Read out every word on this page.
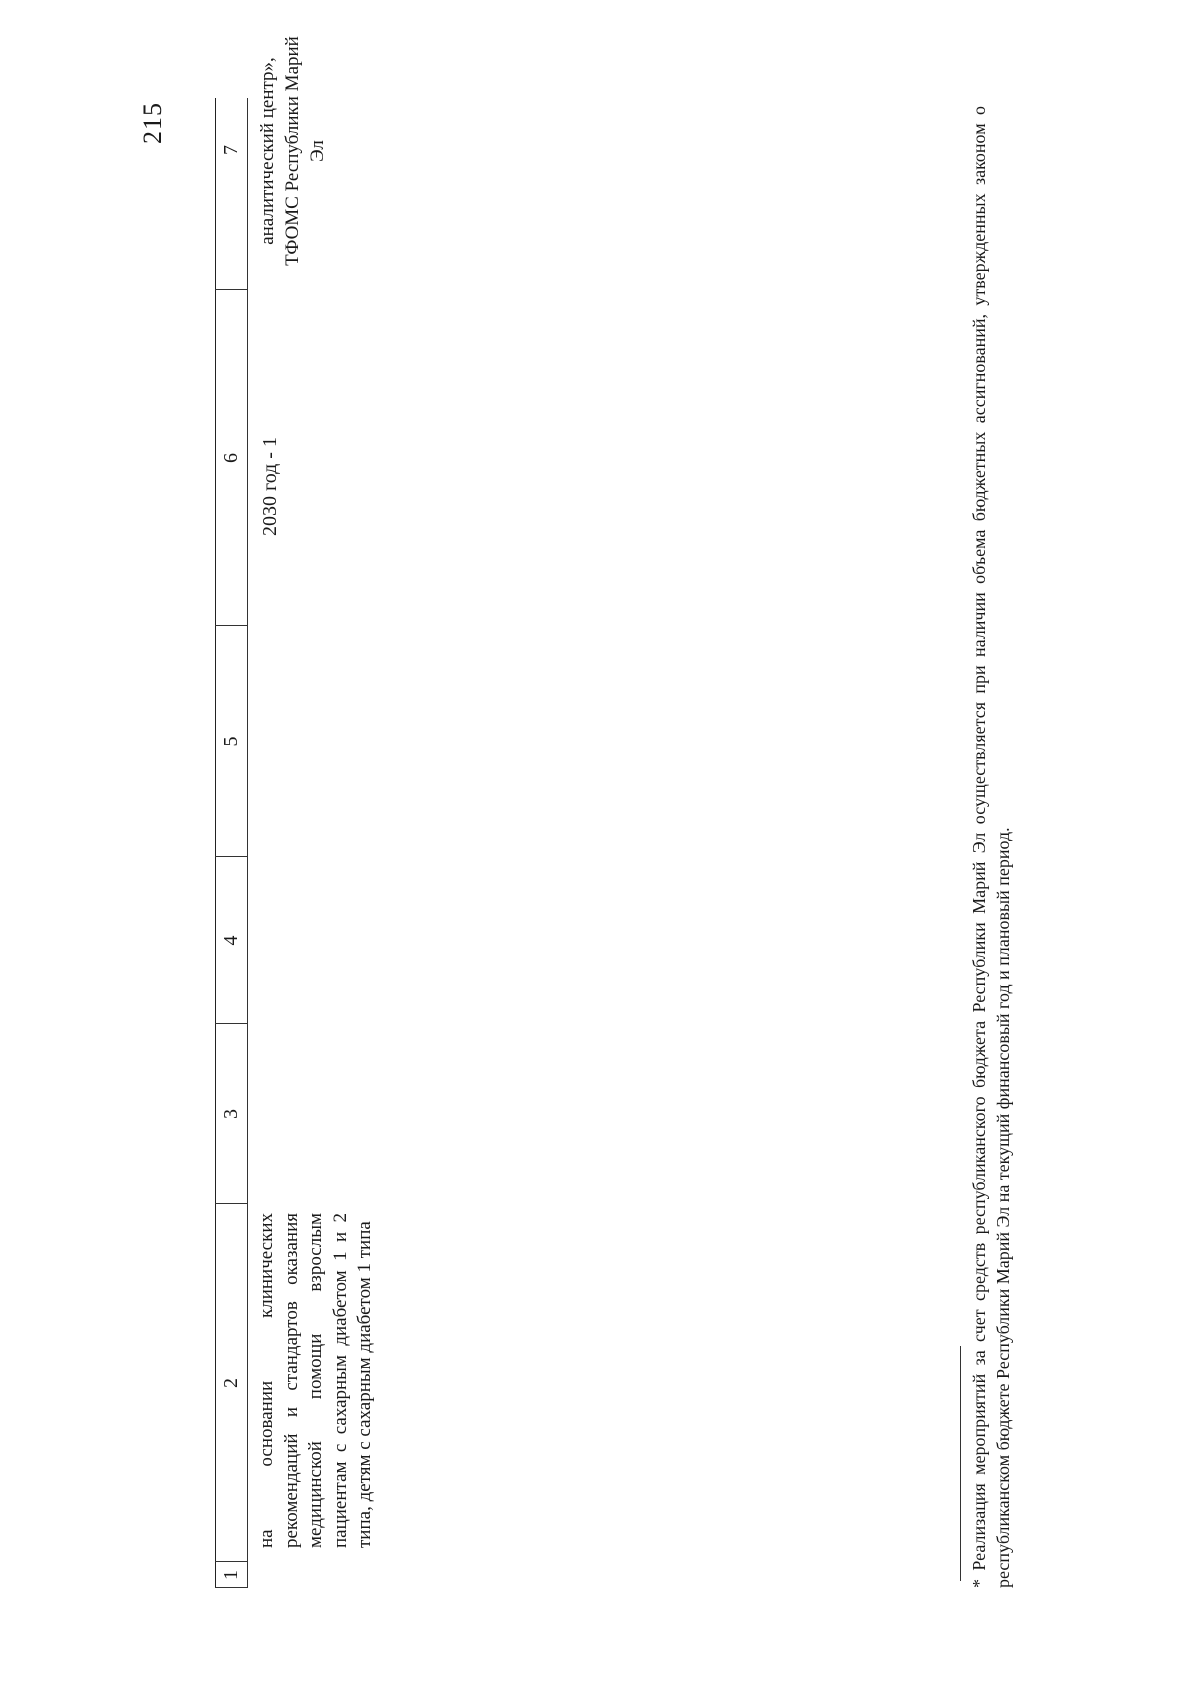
215
1
2
3
4
5
6
7
на основании клинических рекомендаций и стандартов оказания медицинской помощи взрослым пациентам с сахарным диабетом 1 и 2 типа, детям с сахарным диабетом 1 типа
2030 год - 1
аналитический центр», ТФОМС Республики Марий Эл	* Реализация мероприятий за счет средств республиканского бюджета Республики Марий Эл осуществляется при наличии объема бюджетных ассигнований, утвержденных законом о республиканском бюджете Республики Марий Эл на текущий финансовый год и плановый период.
